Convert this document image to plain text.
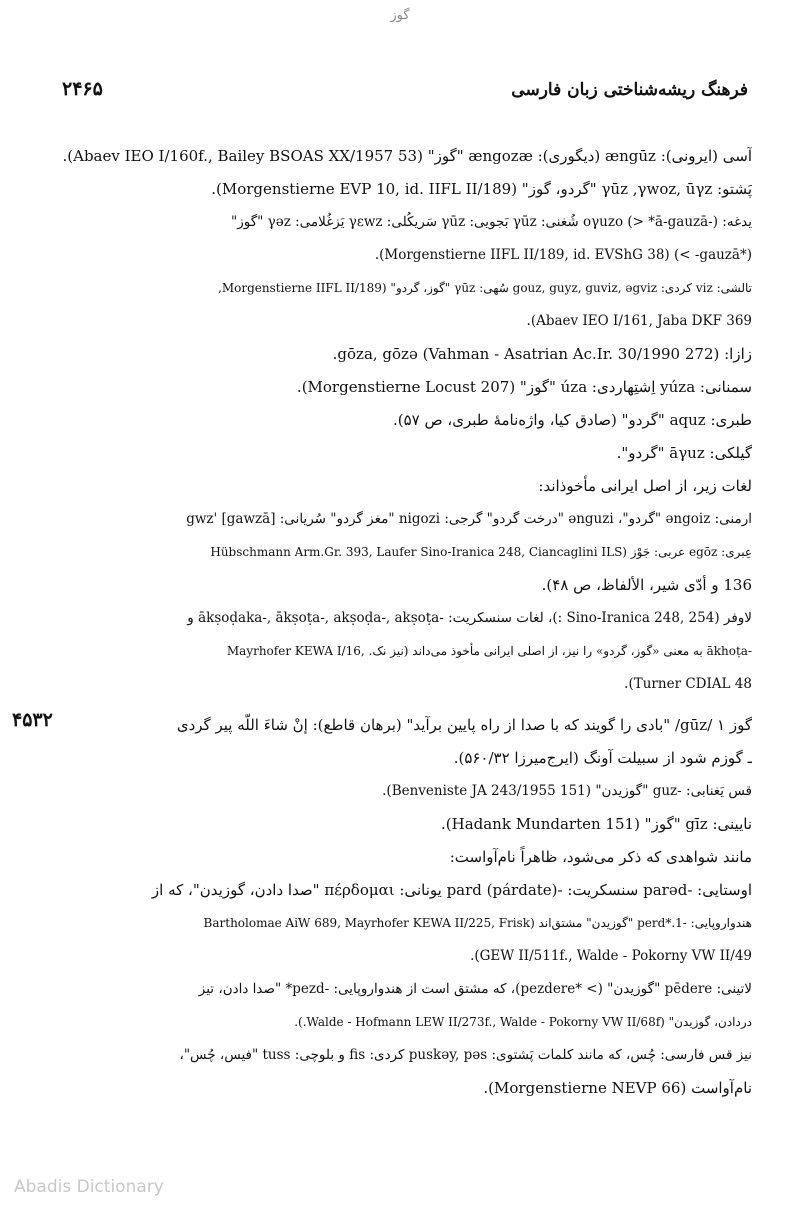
گوز
فرهنگ ریشه‌شناختی زبان فارسی
۲۴۶۵
آسی (ایرونی): ængūz (دیگوری): ængozæ "گوز" (Abaev IEO I/160f., Bailey BSOAS XX/1957 53).
پَشتو: γūz ,γwoz, ūγz "گردو، گوز" (Morgenstierne EVP 10, id. IIFL II/189).
یدغه: oγuzo (> *ā-gauzā-) شُغنی: γūz بَجویی: γūz سَریکُلی: γεwz یَزغُلامی: γəz "گوز"
(*gauzā- >) (Morgenstierne IIFL II/189, id. EVShG 38).
تالشی: viz کردی: gouz, guyz, guviz, əgviz سُهی: γūz "گوز، گردو" (Morgenstierne IIFL II/189,
Abaev IEO I/161, Jaba DKF 369).
زازا: gōza, gōzə (Vahman - Asatrian Ac.Ir. 30/1990 272).
سمنانی: yúza اِشتِهاردی: úza "گوز" (Morgenstierne Locust 207).
طبری: aquz "گردو" (صادق کیا، واژه‌نامهٔ طبری، ص ۵۷).
گیلکی: āγuz "گردو".
لغات زیر، از اصل ایرانی مأخوذاند:
ارمنی: əngoiz "گردو"، ənguzi "درخت گردو" گرجی: nigozi "مغز گردو" سُریانی: gwz' [gawzā]
عِبری: egōz عربی: جَوْز (Hübschmann Arm.Gr. 393, Laufer Sino-Iranica 248, Ciancaglini ILS
136 و أدّی شیر، الألفاظ، ص ۴۸).
لاوفر (Sino-Iranica 248, 254 :)، لغات سنسکریت: -ākṣoḍaka-, ākṣoṭa-, akṣoḍa-, akṣoṭa و
-ākhoṭa به معنی «گوز، گردو» را نیز، از اصلی ایرانی مأخوذ می‌داند (نیز نک. ,Mayrhofer KEWA I/16
Turner CDIAL 48).
۴۵۳۲	گوز ۱ /gūz/ "بادی را گویند که با صدا از راه پایین برآید" (برهان قاطع): إنْ شاءَ اللّه پیر گردی
ـ گوزم شود از سبیلت آونگ (ایرج‌میرزا ۵۶۰/۳۲).
قس یَغنابی: -guz "گوزیدن" (Benveniste JA 243/1955 151).
نایینی: gīz "گوز" (Hadank Mundarten 151).
مانند شواهدی که ذکر می‌شود، ظاهراً نام‌آواست:
اوستایی: -parəd سنسکریت: -pard (párdate) یونانی: πέρδομαι "صدا دادن، گوزیدن"، که از
هندواروپایی: -perd*.1 "گوزیدن" مشتق‌اند (Bartholomae AiW 689, Mayrhofer KEWA II/225, Frisk
GEW II/511f., Walde - Pokorny VW II/49).
لاتینی: pēdere "گوزیدن" (> *pezdere)، که مشتق است از هندواروپایی: -pezd* "صدا دادن، تیز
دردادن، گوزیدن" (Walde - Hofmann LEW II/273f., Walde - Pokorny VW II/68f.).
نیز قس فارسی: چُس، که مانند کلمات پَشتوی: puskəy, pəs کردی: fis و بلوچی: tuss "فیس، چُس"،
نام‌آواست (Morgenstierne NEVP 66).
Abadis Dictionary
